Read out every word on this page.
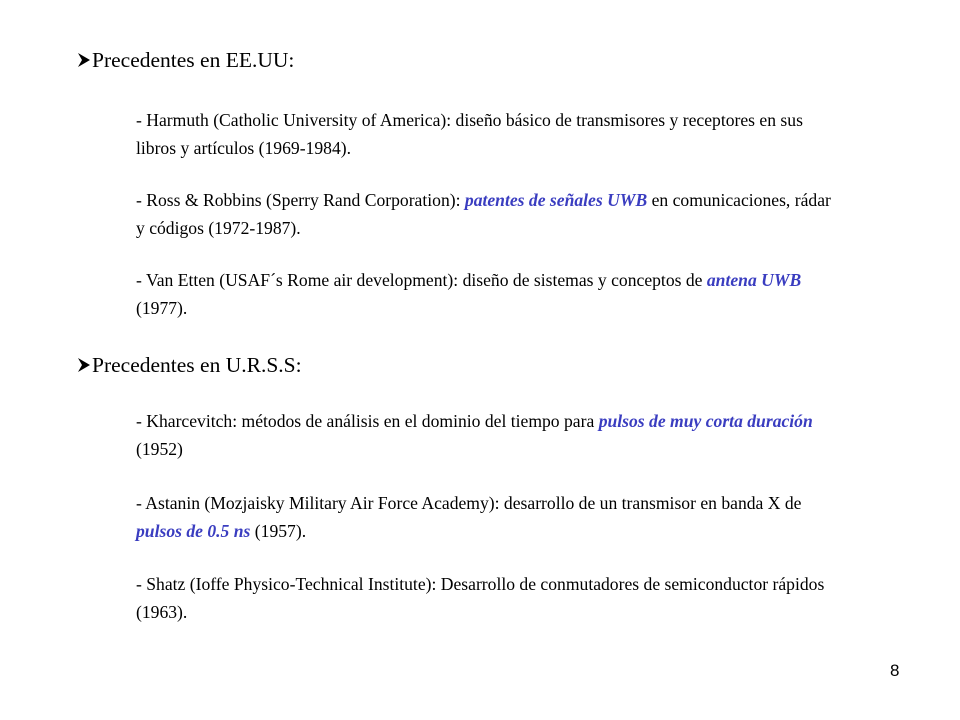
Precedentes en EE.UU:
- Harmuth (Catholic University of America): diseño básico de transmisores y receptores en sus libros y artículos (1969-1984).
- Ross & Robbins (Sperry Rand Corporation): patentes de señales UWB en comunicaciones, rádar y códigos (1972-1987).
- Van Etten (USAF´s Rome air development): diseño de sistemas y conceptos de antena UWB (1977).
Precedentes en U.R.S.S:
- Kharcevitch: métodos de análisis en el dominio del tiempo para pulsos de muy corta duración (1952)
- Astanin (Mozjaisky Military Air Force Academy): desarrollo de un transmisor en banda X de pulsos de 0.5 ns (1957).
- Shatz (Ioffe Physico-Technical Institute): Desarrollo de conmutadores de semiconductor rápidos (1963).
8
